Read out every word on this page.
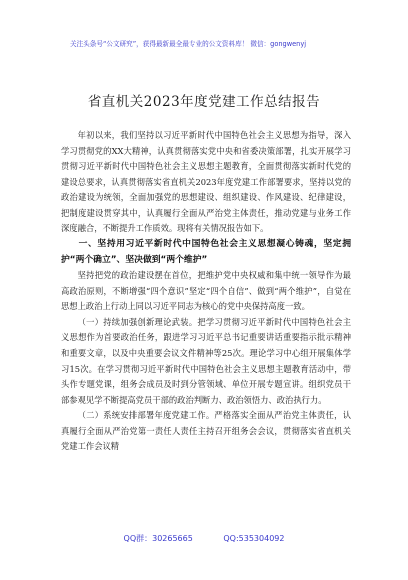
关注头条号“公文研究”，获得最新最全最专业的公文资料库！ 微信：gongwenyj
省直机关2023年度党建工作总结报告

年初以来，我们坚持以习近平新时代中国特色社会主义思想为指导，深入学习贯彻党的XX大精神，认真贯彻落实党中央和省委决策部署，扎实开展学习贯彻习近平新时代中国特色社会主义思想主题教育，全面贯彻落实新时代党的建设总要求，认真贯彻落实省直机关2023年度党建工作部署要求，坚持以党的政治建设为统领，全面加强党的思想建设、组织建设、作风建设、纪律建设，把制度建设贯穿其中，认真履行全面从严治党主体责任，推动党建与业务工作深度融合，不断提升工作质效。现将有关情况报告如下。

一、坚持用习近平新时代中国特色社会主义思想凝心铸魂，坚定拥护“两个确立”、坚决做到“两个维护”

坚持把党的政治建设摆在首位，把维护党中央权威和集中统一领导作为最高政治原则，不断增强“四个意识”坚定“四个自信”、做到“两个维护”，自觉在思想上政治上行动上同以习近平同志为核心的党中央保持高度一致。

（一）持续加强创新理论武装。把学习贯彻习近平新时代中国特色社会主义思想作为首要政治任务，跟进学习习近平总书记重要讲话重要指示批示精神和重要文章，以及中央重要会议文件精神等25次。理论学习中心组开展集体学习15次。在学习贯彻习近平新时代中国特色社会主义思想主题教育活动中，带头作专题党课，组务会成员及时到分管领域、单位开展专题宣讲。组织党员干部参观见学不断提高党员干部的政治判断力、政治领悟力、政治执行力。

（二）系统安排部署年度党建工作。严格落实全面从严治党主体责任，认真履行全面从严治党第一责任人责任主持召开组务会会议，贯彻落实省直机关党建工作会议精

QQ群：30265665	QQ:535304092
